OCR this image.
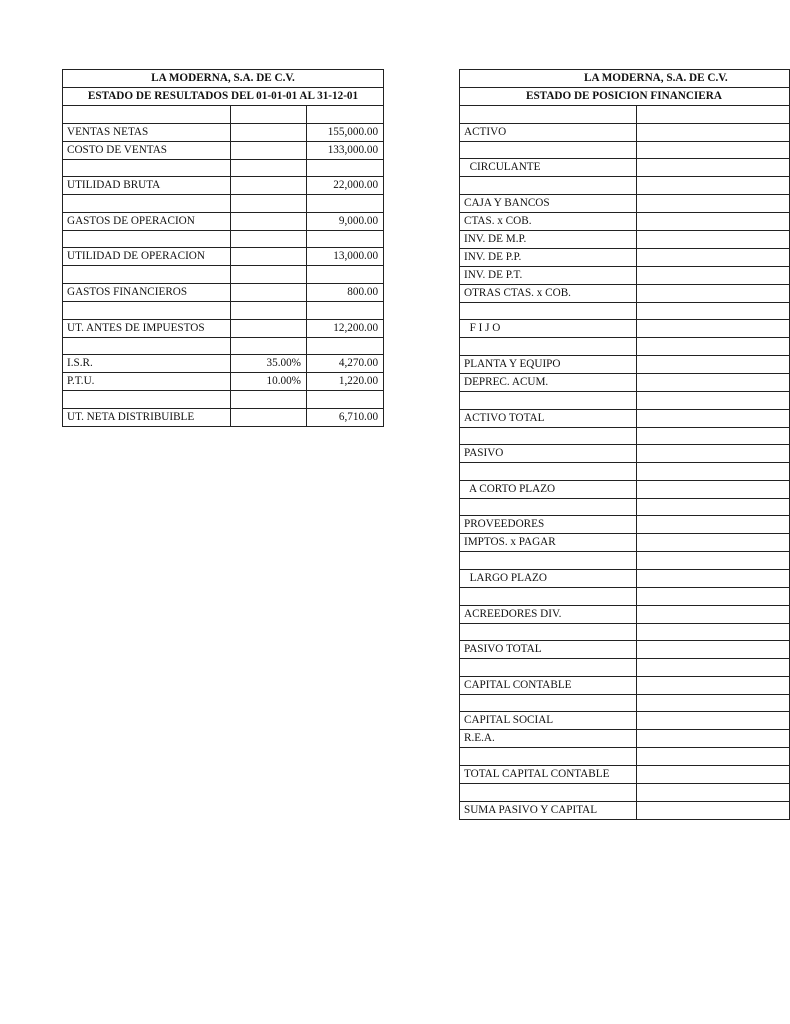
LA MODERNA, S.A. DE C.V.		
ESTADO DE RESULTADOS DEL 01-01-01 AL 31-12-01		

VENTAS NETAS		155,000.00
COSTO DE VENTAS		133,000.00

UTILIDAD BRUTA		22,000.00

GASTOS DE OPERACION		9,000.00

UTILIDAD DE OPERACION		13,000.00

GASTOS FINANCIEROS		800.00

UT. ANTES DE IMPUESTOS		12,200.00

I.S.R.	35.00%	4,270.00
P.T.U.	10.00%	1,220.00

UT. NETA DISTRIBUIBLE		6,710.00
LA MODERNA, S.A. DE C.V.	
ESTADO DE POSICION FINANCIERA	

ACTIVO	

CIRCULANTE	

CAJA Y BANCOS	
CTAS. x COB.	
INV. DE M.P.	
INV. DE P.P.	
INV. DE P.T.	
OTRAS CTAS. x COB.	

F I J O	

PLANTA Y EQUIPO	
DEPREC. ACUM.	

ACTIVO TOTAL	

PASIVO	

A CORTO PLAZO	

PROVEEDORES	
IMPTOS. x PAGAR	

LARGO PLAZO	

ACREEDORES DIV.	

PASIVO TOTAL	

CAPITAL CONTABLE	

CAPITAL SOCIAL	
R.E.A.	

TOTAL CAPITAL CONTABLE	

SUMA PASIVO Y CAPITAL	
